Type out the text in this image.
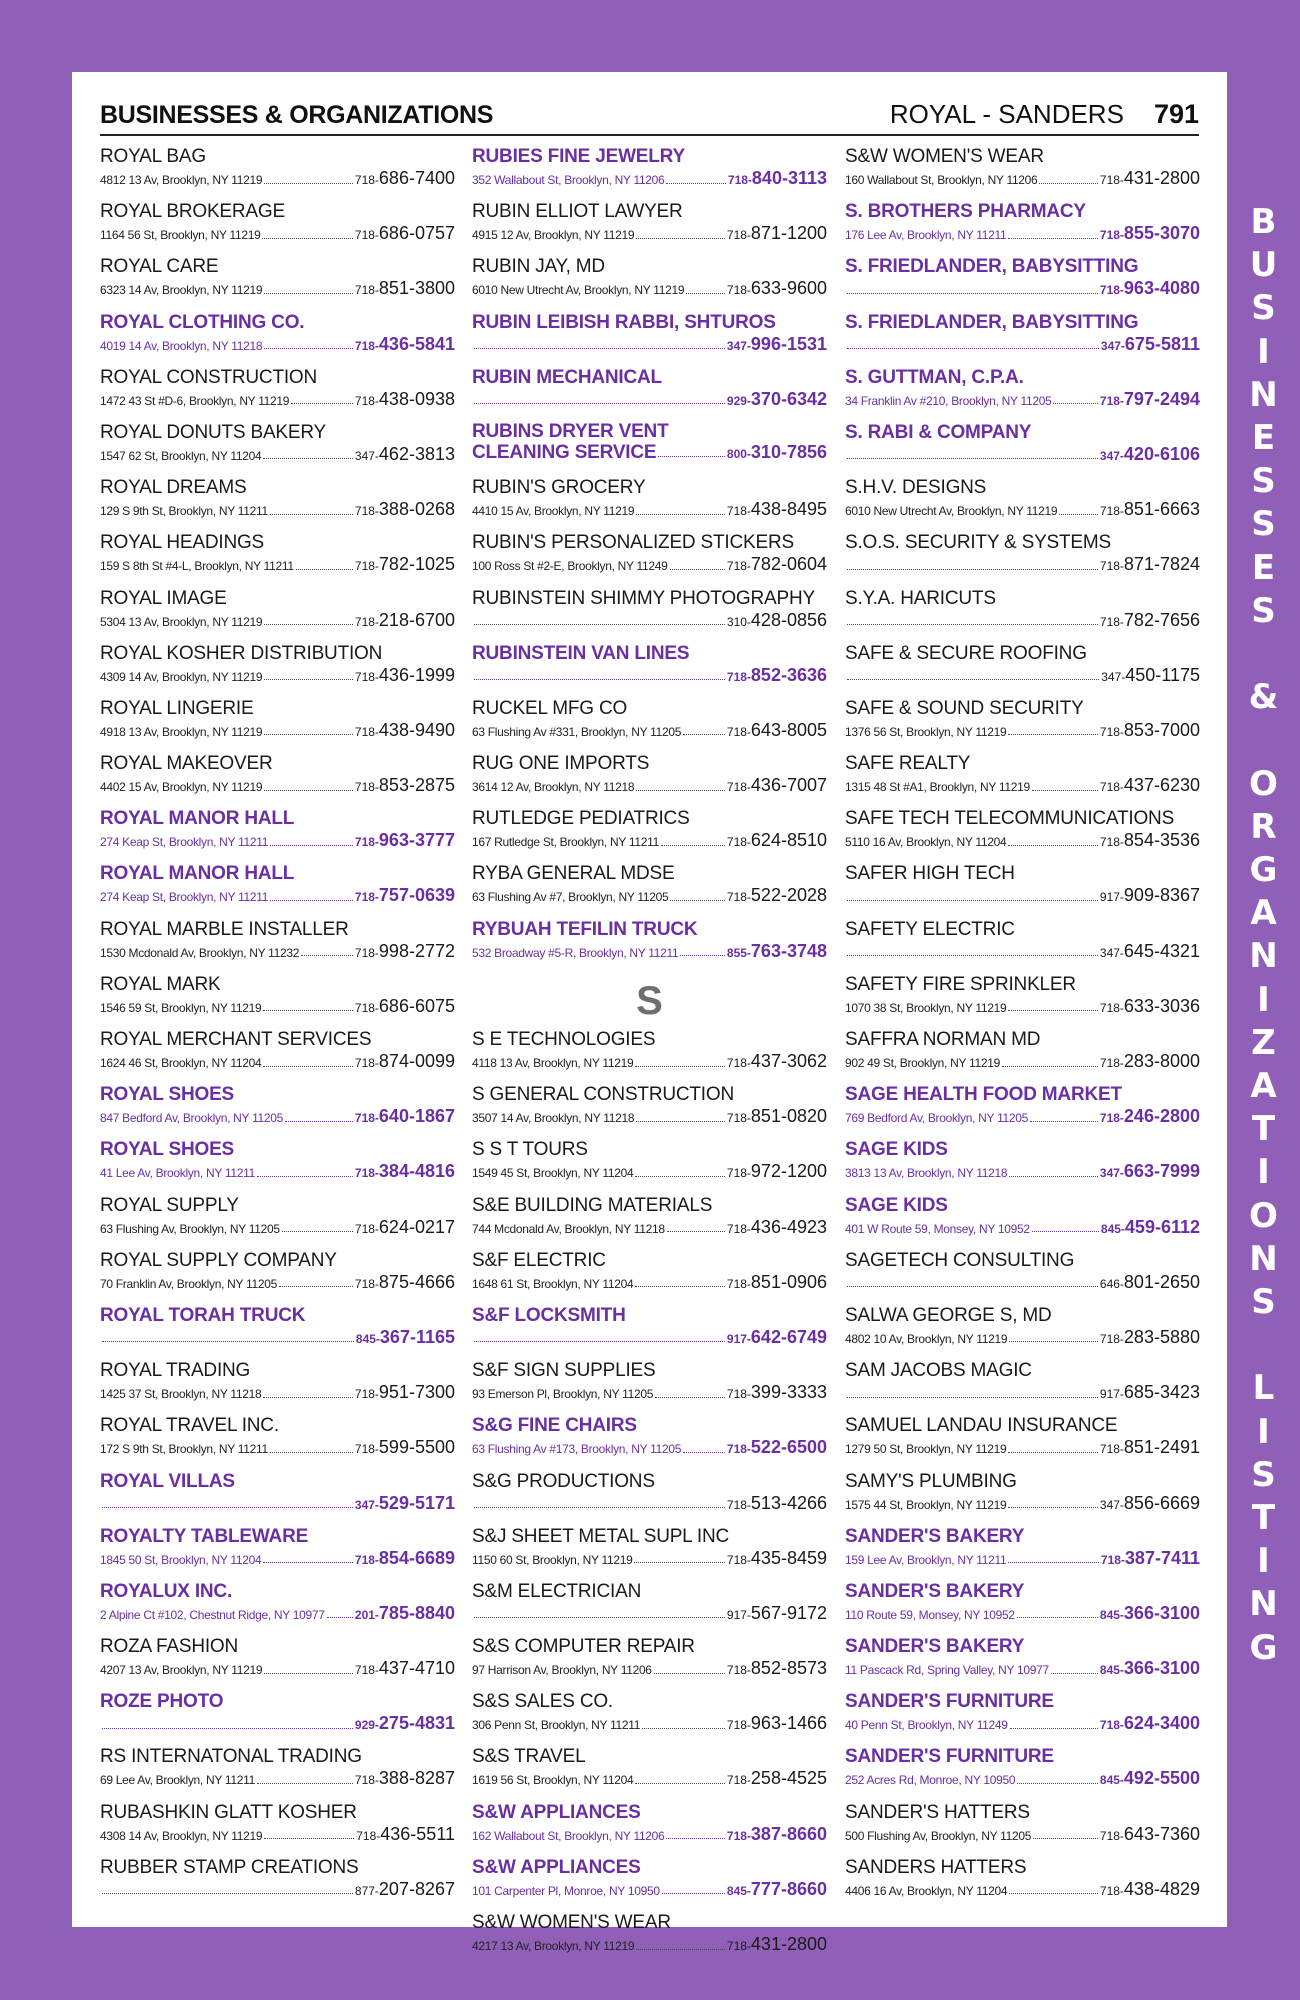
BUSINESSES & ORGANIZATIONS	ROYAL - SANDERS 791
ROYAL BAG
4812 13 Av, Brooklyn, NY 11219	718-686-7400
ROYAL BROKERAGE
1164 56 St, Brooklyn, NY 11219	718-686-0757
ROYAL CARE
6323 14 Av, Brooklyn, NY 11219	718-851-3800
ROYAL CLOTHING CO.
4019 14 Av, Brooklyn, NY 11218	718-436-5841
ROYAL CONSTRUCTION
1472 43 St #D-6, Brooklyn, NY 11219	718-438-0938
ROYAL DONUTS BAKERY
1547 62 St, Brooklyn, NY 11204	347-462-3813
ROYAL DREAMS
129 S 9th St, Brooklyn, NY 11211	718-388-0268
ROYAL HEADINGS
159 S 8th St #4-L, Brooklyn, NY 11211	718-782-1025
ROYAL IMAGE
5304 13 Av, Brooklyn, NY 11219	718-218-6700
ROYAL KOSHER DISTRIBUTION
4309 14 Av, Brooklyn, NY 11219	718-436-1999
ROYAL LINGERIE
4918 13 Av, Brooklyn, NY 11219	718-438-9490
ROYAL MAKEOVER
4402 15 Av, Brooklyn, NY 11219	718-853-2875
ROYAL MANOR HALL
274 Keap St, Brooklyn, NY 11211	718-963-3777
ROYAL MANOR HALL
274 Keap St, Brooklyn, NY 11211	718-757-0639
ROYAL MARBLE INSTALLER
1530 Mcdonald Av, Brooklyn, NY 11232	718-998-2772
ROYAL MARK
1546 59 St, Brooklyn, NY 11219	718-686-6075
ROYAL MERCHANT SERVICES
1624 46 St, Brooklyn, NY 11204	718-874-0099
ROYAL SHOES
847 Bedford Av, Brooklyn, NY 11205	718-640-1867
ROYAL SHOES
41 Lee Av, Brooklyn, NY 11211	718-384-4816
ROYAL SUPPLY
63 Flushing Av, Brooklyn, NY 11205	718-624-0217
ROYAL SUPPLY COMPANY
70 Franklin Av, Brooklyn, NY 11205	718-875-4666
ROYAL TORAH TRUCK
845-367-1165
ROYAL TRADING
1425 37 St, Brooklyn, NY 11218	718-951-7300
ROYAL TRAVEL INC.
172 S 9th St, Brooklyn, NY 11211	718-599-5500
ROYAL VILLAS
347-529-5171
ROYALTY TABLEWARE
1845 50 St, Brooklyn, NY 11204	718-854-6689
ROYALUX INC.
2 Alpine Ct #102, Chestnut Ridge, NY 10977	201-785-8840
ROZA FASHION
4207 13 Av, Brooklyn, NY 11219	718-437-4710
ROZE PHOTO
929-275-4831
RS INTERNATONAL TRADING
69 Lee Av, Brooklyn, NY 11211	718-388-8287
RUBASHKIN GLATT KOSHER
4308 14 Av, Brooklyn, NY 11219	718-436-5511
RUBBER STAMP CREATIONS
877-207-8267
RUBIES FINE JEWELRY
352 Wallabout St, Brooklyn, NY 11206	718-840-3113
RUBIN ELLIOT LAWYER
4915 12 Av, Brooklyn, NY 11219	718-871-1200
RUBIN JAY, MD
6010 New Utrecht Av, Brooklyn, NY 11219	718-633-9600
RUBIN LEIBISH RABBI, SHTUROS
347-996-1531
RUBIN MECHANICAL
929-370-6342
RUBINS DRYER VENT
CLEANING SERVICE	800-310-7856
RUBIN'S GROCERY
4410 15 Av, Brooklyn, NY 11219	718-438-8495
RUBIN'S PERSONALIZED STICKERS
100 Ross St #2-E, Brooklyn, NY 11249	718-782-0604
RUBINSTEIN SHIMMY PHOTOGRAPHY
310-428-0856
RUBINSTEIN VAN LINES
718-852-3636
RUCKEL MFG CO
63 Flushing Av #331, Brooklyn, NY 11205	718-643-8005
RUG ONE IMPORTS
3614 12 Av, Brooklyn, NY 11218	718-436-7007
RUTLEDGE PEDIATRICS
167 Rutledge St, Brooklyn, NY 11211	718-624-8510
RYBA GENERAL MDSE
63 Flushing Av #7, Brooklyn, NY 11205	718-522-2028
RYBUAH TEFILIN TRUCK
532 Broadway #5-R, Brooklyn, NY 11211	855-763-3748
S
S E TECHNOLOGIES
4118 13 Av, Brooklyn, NY 11219	718-437-3062
S GENERAL CONSTRUCTION
3507 14 Av, Brooklyn, NY 11218	718-851-0820
S S T TOURS
1549 45 St, Brooklyn, NY 11204	718-972-1200
S&E BUILDING MATERIALS
744 Mcdonald Av, Brooklyn, NY 11218	718-436-4923
S&F ELECTRIC
1648 61 St, Brooklyn, NY 11204	718-851-0906
S&F LOCKSMITH
917-642-6749
S&F SIGN SUPPLIES
93 Emerson Pl, Brooklyn, NY 11205	718-399-3333
S&G FINE CHAIRS
63 Flushing Av #173, Brooklyn, NY 11205	718-522-6500
S&G PRODUCTIONS
718-513-4266
S&J SHEET METAL SUPL INC
1150 60 St, Brooklyn, NY 11219	718-435-8459
S&M ELECTRICIAN
917-567-9172
S&S COMPUTER REPAIR
97 Harrison Av, Brooklyn, NY 11206	718-852-8573
S&S SALES CO.
306 Penn St, Brooklyn, NY 11211	718-963-1466
S&S TRAVEL
1619 56 St, Brooklyn, NY 11204	718-258-4525
S&W APPLIANCES
162 Wallabout St, Brooklyn, NY 11206	718-387-8660
S&W APPLIANCES
101 Carpenter Pl, Monroe, NY 10950	845-777-8660
S&W WOMEN'S WEAR
4217 13 Av, Brooklyn, NY 11219	718-431-2800
S&W WOMEN'S WEAR
160 Wallabout St, Brooklyn, NY 11206	718-431-2800
S. BROTHERS PHARMACY
176 Lee Av, Brooklyn, NY 11211	718-855-3070
S. FRIEDLANDER, BABYSITTING
718-963-4080
S. FRIEDLANDER, BABYSITTING
347-675-5811
S. GUTTMAN, C.P.A.
34 Franklin Av #210, Brooklyn, NY 11205	718-797-2494
S. RABI & COMPANY
347-420-6106
S.H.V. DESIGNS
6010 New Utrecht Av, Brooklyn, NY 11219	718-851-6663
S.O.S. SECURITY & SYSTEMS
718-871-7824
S.Y.A. HARICUTS
718-782-7656
SAFE & SECURE ROOFING
347-450-1175
SAFE & SOUND SECURITY
1376 56 St, Brooklyn, NY 11219	718-853-7000
SAFE REALTY
1315 48 St #A1, Brooklyn, NY 11219	718-437-6230
SAFE TECH TELECOMMUNICATIONS
5110 16 Av, Brooklyn, NY 11204	718-854-3536
SAFER HIGH TECH
917-909-8367
SAFETY ELECTRIC
347-645-4321
SAFETY FIRE SPRINKLER
1070 38 St, Brooklyn, NY 11219	718-633-3036
SAFFRA NORMAN MD
902 49 St, Brooklyn, NY 11219	718-283-8000
SAGE HEALTH FOOD MARKET
769 Bedford Av, Brooklyn, NY 11205	718-246-2800
SAGE KIDS
3813 13 Av, Brooklyn, NY 11218	347-663-7999
SAGE KIDS
401 W Route 59, Monsey, NY 10952	845-459-6112
SAGETECH CONSULTING
646-801-2650
SALWA GEORGE S, MD
4802 10 Av, Brooklyn, NY 11219	718-283-5880
SAM JACOBS MAGIC
917-685-3423
SAMUEL LANDAU INSURANCE
1279 50 St, Brooklyn, NY 11219	718-851-2491
SAMY'S PLUMBING
1575 44 St, Brooklyn, NY 11219	347-856-6669
SANDER'S BAKERY
159 Lee Av, Brooklyn, NY 11211	718-387-7411
SANDER'S BAKERY
110 Route 59, Monsey, NY 10952	845-366-3100
SANDER'S BAKERY
11 Pascack Rd, Spring Valley, NY 10977	845-366-3100
SANDER'S FURNITURE
40 Penn St, Brooklyn, NY 11249	718-624-3400
SANDER'S FURNITURE
252 Acres Rd, Monroe, NY 10950	845-492-5500
SANDER'S HATTERS
500 Flushing Av, Brooklyn, NY 11205	718-643-7360
SANDERS HATTERS
4406 16 Av, Brooklyn, NY 11204	718-438-4829
B
U
S
I
N
E
S
S
E
S

&

O
R
G
A
N
I
Z
A
T
I
O
N
S

L
I
S
T
I
N
G
